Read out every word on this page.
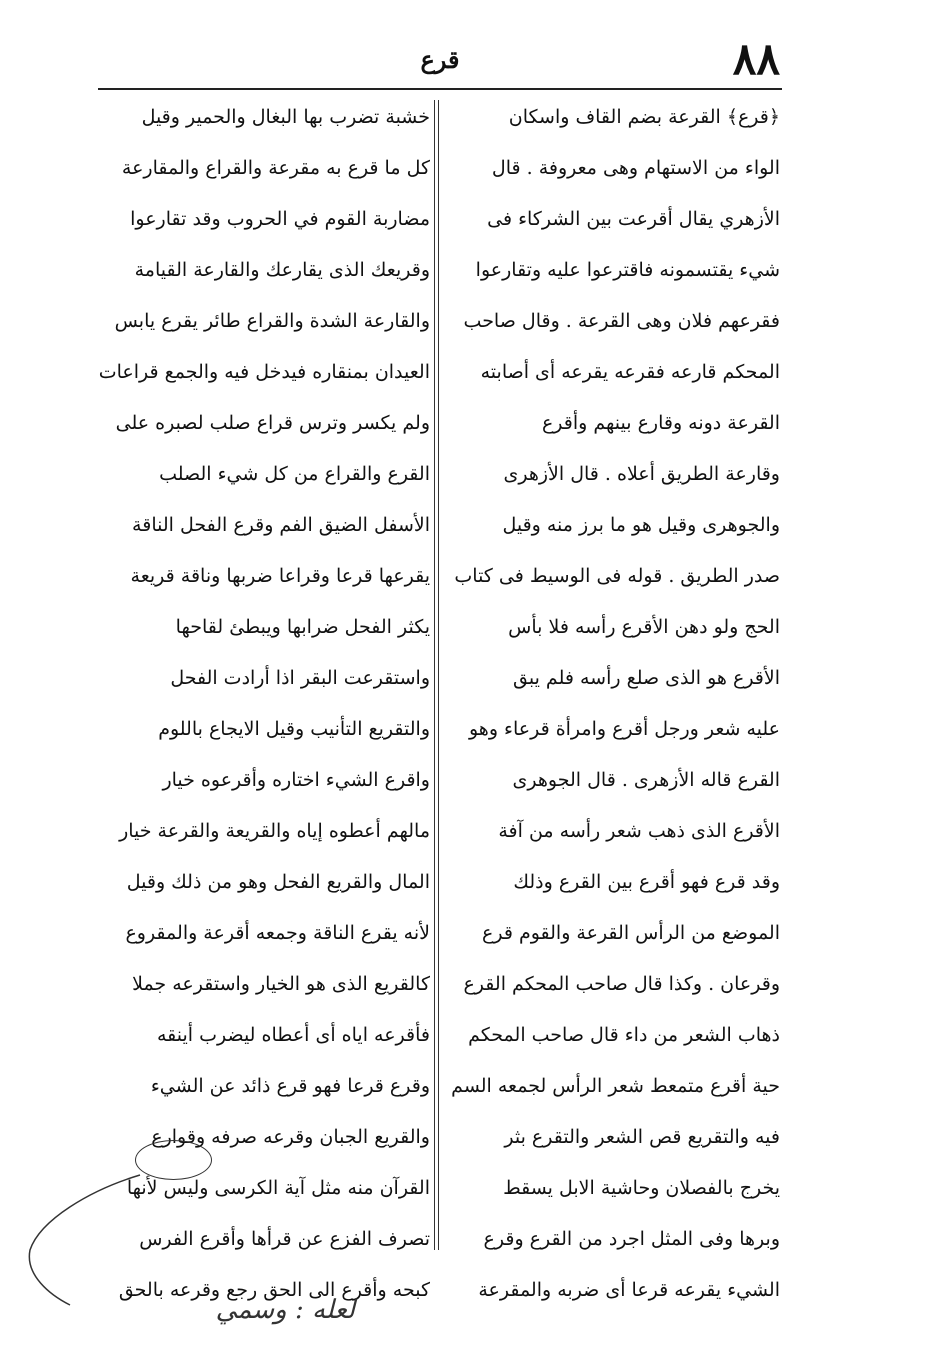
٨٨
قرع
﴿قرع﴾ القرعة بضم القاف واسكان
الواء من الاستهام وهى معروفة . قال
الأزهري يقال أقرعت بين الشركاء فى
شيء يقتسمونه فاقترعوا عليه وتقارعوا
فقرعهم فلان وهى القرعة . وقال صاحب
المحكم قارعه فقرعه يقرعه أى أصابته
القرعة دونه وقارع بينهم وأقرع
وقارعة الطريق أعلاه . قال الأزهرى
والجوهرى وقيل هو ما برز منه وقيل
صدر الطريق . قوله فى الوسيط فى كتاب
الحج ولو دهن الأقرع رأسه فلا بأس
الأقرع هو الذى صلع رأسه فلم يبق
عليه شعر ورجل أقرع وامرأة قرعاء وهو
القرع قاله الأزهرى . قال الجوهرى
الأقرع الذى ذهب شعر رأسه من آفة
وقد قرع فهو أقرع بين القرع وذلك
الموضع من الرأس القرعة والقوم قرع
وقرعان . وكذا قال صاحب المحكم القرع
ذهاب الشعر من داء قال صاحب المحكم
حية أقرع متمعط شعر الرأس لجمعه السم
فيه والتقريع قص الشعر والتقرع بثر
يخرج بالفصلان وحاشية الابل يسقط
وبرها وفى المثل اجرد من القرع وقرع
الشيء يقرعه قرعا أى ضربه والمقرعة
خشبة تضرب بها البغال والحمير وقيل
كل ما قرع به مقرعة والقراع والمقارعة
مضاربة القوم في الحروب وقد تقارعوا
وقريعك الذى يقارعك والقارعة القيامة
والقارعة الشدة والقراع طائر يقرع يابس
العيدان بمنقاره فيدخل فيه والجمع قراعات
ولم يكسر وترس قراع صلب لصبره على
القرع والقراع من كل شيء الصلب
الأسفل الضيق الفم وقرع الفحل الناقة
يقرعها قرعا وقراعا ضربها وناقة قريعة
يكثر الفحل ضرابها ويبطئ لقاحها
واستقرعت البقر اذا أرادت الفحل
والتقريع التأنيب وقيل الايجاع باللوم
واقرع الشيء اختاره وأقرعوه خيار
مالهم أعطوه إياه والقريعة والقرعة خيار
المال والقريع الفحل وهو من ذلك وقيل
لأنه يقرع الناقة وجمعه أقرعة والمقروع
كالقريع الذى هو الخيار واستقرعه جملا
فأقرعه اياه أى أعطاه ليضرب أينقه
وقرع قرعا فهو قرع ذائد عن الشيء
والقريع الجبان وقرعه صرفه وقوارع
القرآن منه مثل آية الكرسى وليس لأنها
تصرف الفزع عن قرأها وأقرع الفرس
كبحه وأقرع الى الحق رجع وقرعه بالحق
لعله : وسمي
